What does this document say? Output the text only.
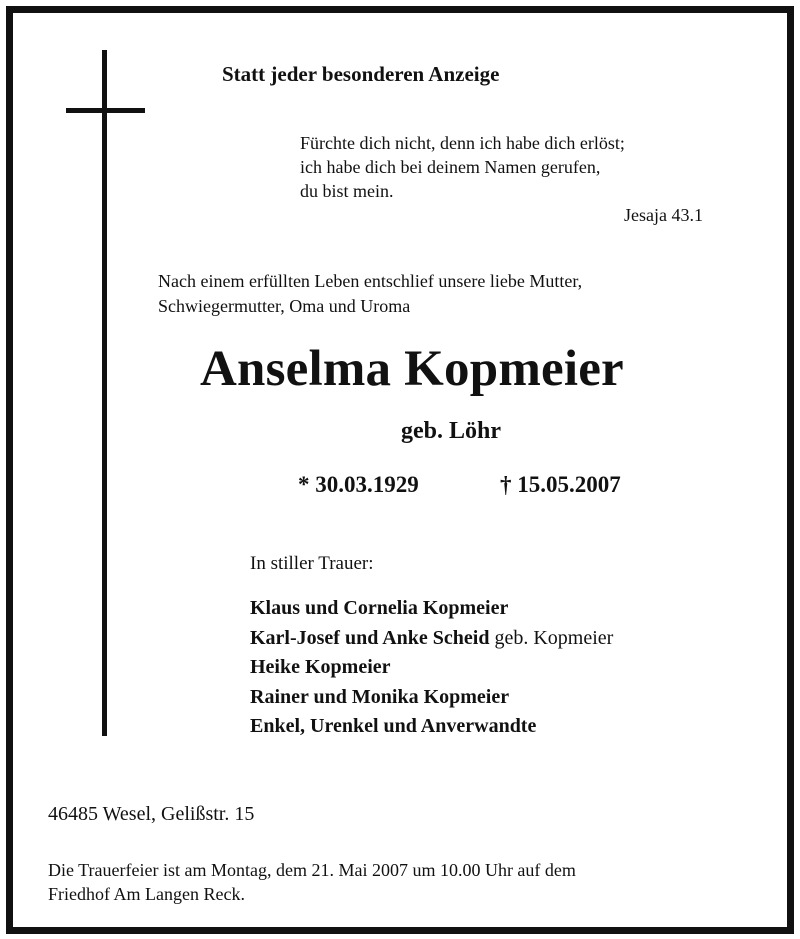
Statt jeder besonderen Anzeige
Fürchte dich nicht, denn ich habe dich erlöst;
ich habe dich bei deinem Namen gerufen,
du bist mein.
Jesaja 43.1
Nach einem erfüllten Leben entschlief unsere liebe Mutter,
Schwiegermutter, Oma und Uroma
Anselma Kopmeier
geb. Löhr
* 30.03.1929	† 15.05.2007
In stiller Trauer:
Klaus und Cornelia Kopmeier
Karl-Josef und Anke Scheid geb. Kopmeier
Heike Kopmeier
Rainer und Monika Kopmeier
Enkel, Urenkel und Anverwandte
46485 Wesel, Gelißstr. 15
Die Trauerfeier ist am Montag, dem 21. Mai 2007 um 10.00 Uhr auf dem
Friedhof Am Langen Reck.
